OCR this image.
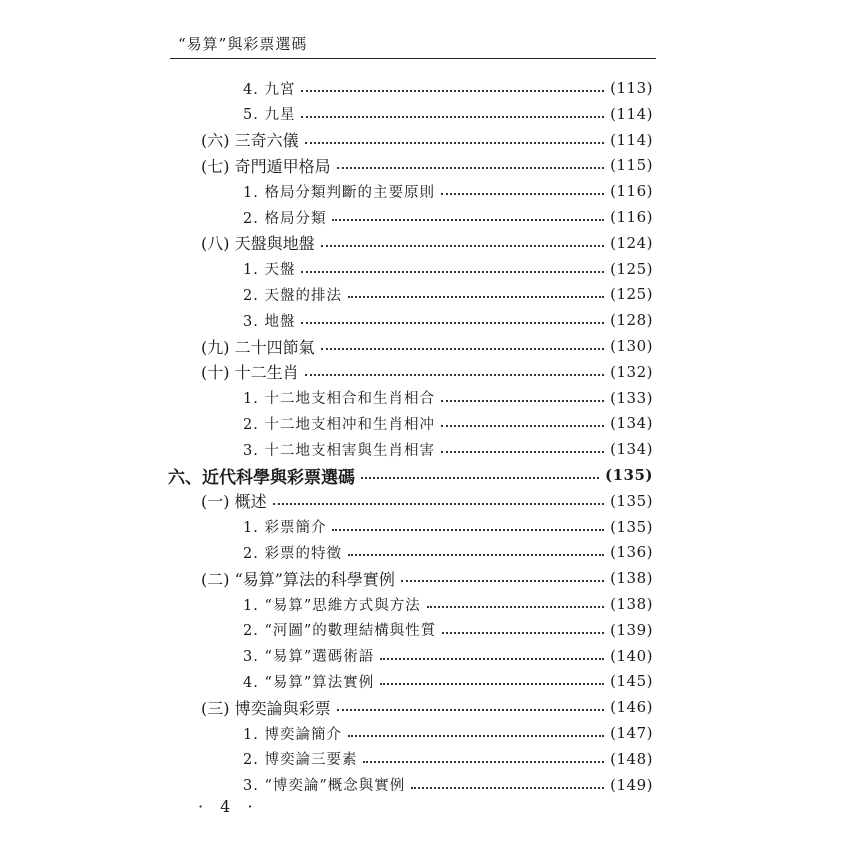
“易算”與彩票選碼
4. 九宮	(113)
5. 九星	(114)
(六) 三奇六儀	(114)
(七) 奇門遁甲格局	(115)
1. 格局分類判斷的主要原則	(116)
2. 格局分類	(116)
(八) 天盤與地盤	(124)
1. 天盤	(125)
2. 天盤的排法	(125)
3. 地盤	(128)
(九) 二十四節氣	(130)
(十) 十二生肖	(132)
1. 十二地支相合和生肖相合	(133)
2. 十二地支相冲和生肖相冲	(134)
3. 十二地支相害與生肖相害	(134)
六、近代科學與彩票選碼	(135)
(一) 概述	(135)
1. 彩票簡介	(135)
2. 彩票的特徵	(136)
(二) “易算”算法的科學實例	(138)
1. “易算”思維方式與方法	(138)
2. “河圖”的數理結構與性質	(139)
3. “易算”選碼術語	(140)
4. “易算”算法實例	(145)
(三) 博奕論與彩票	(146)
1. 博奕論簡介	(147)
2. 博奕論三要素	(148)
3. “博奕論”概念與實例	(149)
· 4 ·
